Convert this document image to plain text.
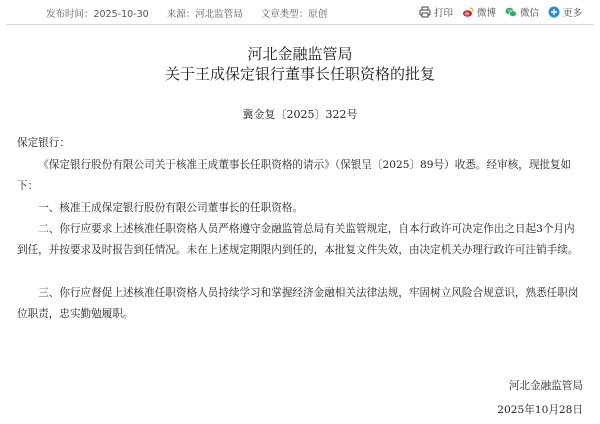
发布时间：2025-10-30 来源：河北监管局 文章类型：原创	打印	微博	微信	更多
河北金融监管局
关于王成保定银行董事长任职资格的批复
冀金复〔2025〕322号
保定银行：
《保定银行股份有限公司关于核准王成董事长任职资格的请示》（保银呈〔2025〕89号）收悉。经审核，现批复如下：
一、核准王成保定银行股份有限公司董事长的任职资格。
二、你行应要求上述核准任职资格人员严格遵守金融监管总局有关监管规定，自本行政许可决定作出之日起3个月内到任，并按要求及时报告到任情况。未在上述规定期限内到任的，本批复文件失效，由决定机关办理行政许可注销手续。
三、你行应督促上述核准任职资格人员持续学习和掌握经济金融相关法律法规，牢固树立风险合规意识，熟悉任职岗位职责，忠实勤勉履职。
河北金融监管局
2025年10月28日
